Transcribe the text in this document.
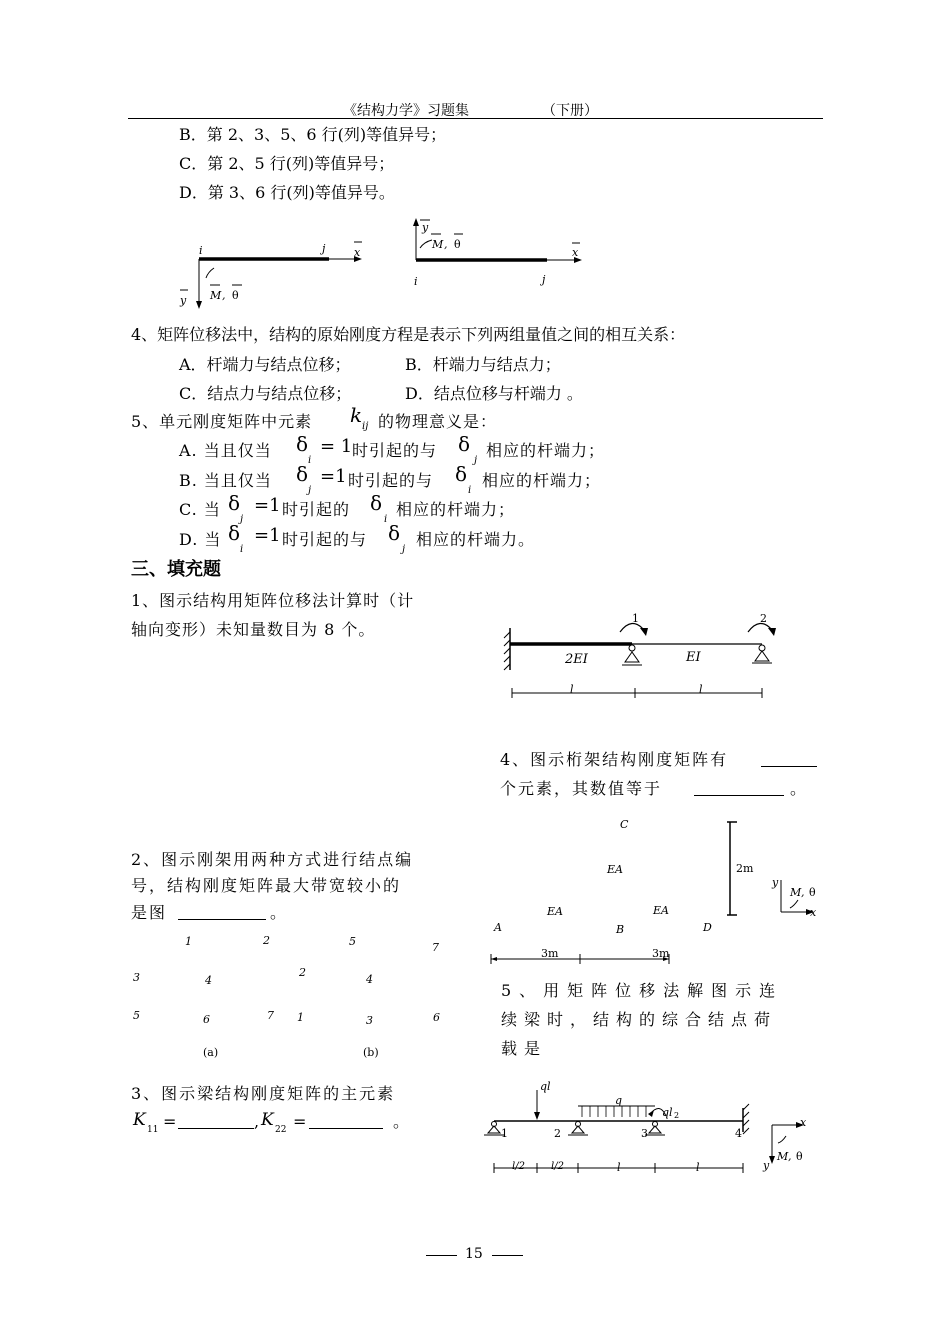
《结构力学》习题集	（下册）
B．第 2、3、5、6 行(列)等值异号；
C．第 2、5 行(列)等值异号；
D．第 3、6 行(列)等值异号。
i	j	x
y M , θ
y
M , θ
x
i	j
4、矩阵位移法中，结构的原始刚度方程是表示下列两组量值之间的相互关系：
A．杆端力与结点位移；	B．杆端力与结点力；
C．结点力与结点位移；	D．结点位移与杆端力 。
5、单元刚度矩阵中元素 k ij 的物理意义是：
A. 当且仅当 δ = 1 时引起的与 δ
i	j
相应的杆端力；
B. 当且仅当 δ =1 时引起的与 δ
j	i
相应的杆端力；
C. 当 δ =1 时引起的 δ
j	i
相应的杆端力；
D. 当 δ =1 时引起的与 δ
i	j
相应的杆端力。
三、填充题
1、图示结构用矩阵位移法计算时（计
轴向变形）未知量数目为 8 个。
1	2
2EI	EI
l	l
4、图示桁架结构刚度矩阵有
个元素，其数值等于	。
C
EA
EA	EA
A	B	D
2m
3m	3m
y
M , θ
x
2、图示刚架用两种方式进行结点编
号，结构刚度矩阵最大带宽较小的
是图	。
1	2
3	4
5	6	7
5	7
2
4
1	3	6
(a)	(b)
5、用矩阵位移法解图示连
续梁时，结构的综合结点荷
载是
ql
q
ql 2
1	2	3	4
l/2	l/2	l	l
x
y
M , θ
3、图示梁结构刚度矩阵的主元素
K 11 =	, K 22 =	。
15
